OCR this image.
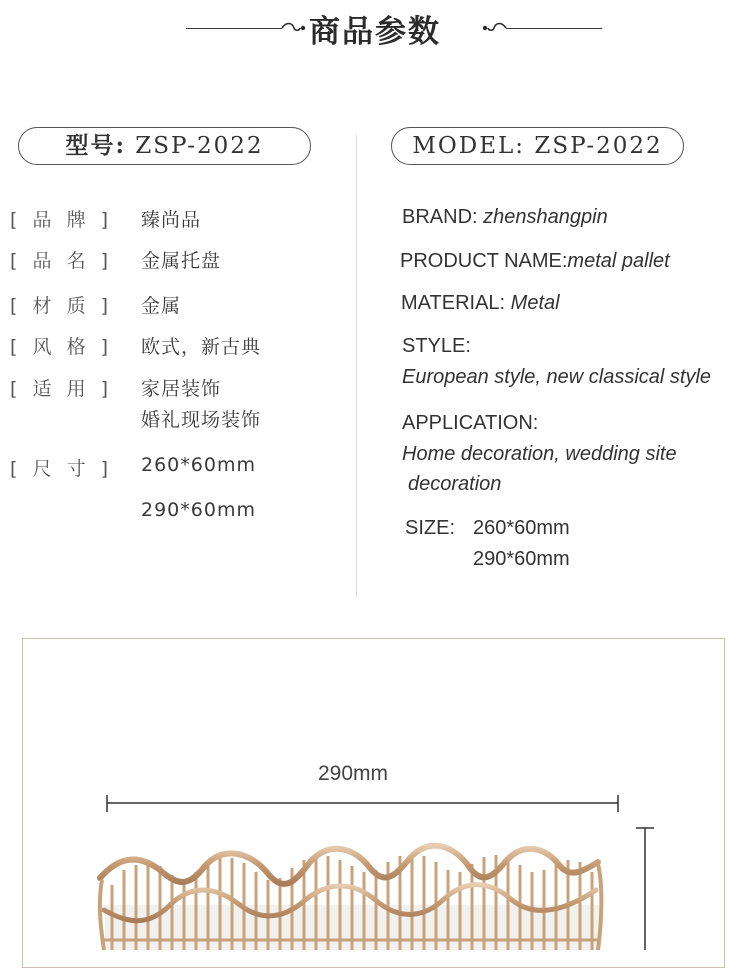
商品参数
型号: ZSP-2022	MODEL: ZSP-2022
[  品  牌  ] 臻尚品
[  品  名  ] 金属托盘
[  材  质  ] 金属
[  风  格  ] 欧式，新古典
[  适  用  ] 家居装饰
婚礼现场装饰
[  尺  寸  ] 260*60mm
290*60mm
BRAND: zhenshangpin
PRODUCT NAME:metal pallet
MATERIAL: Metal
STYLE:
European style, new classical style
APPLICATION:
Home decoration, wedding site
decoration
SIZE: 260*60mm
290*60mm
290mm
